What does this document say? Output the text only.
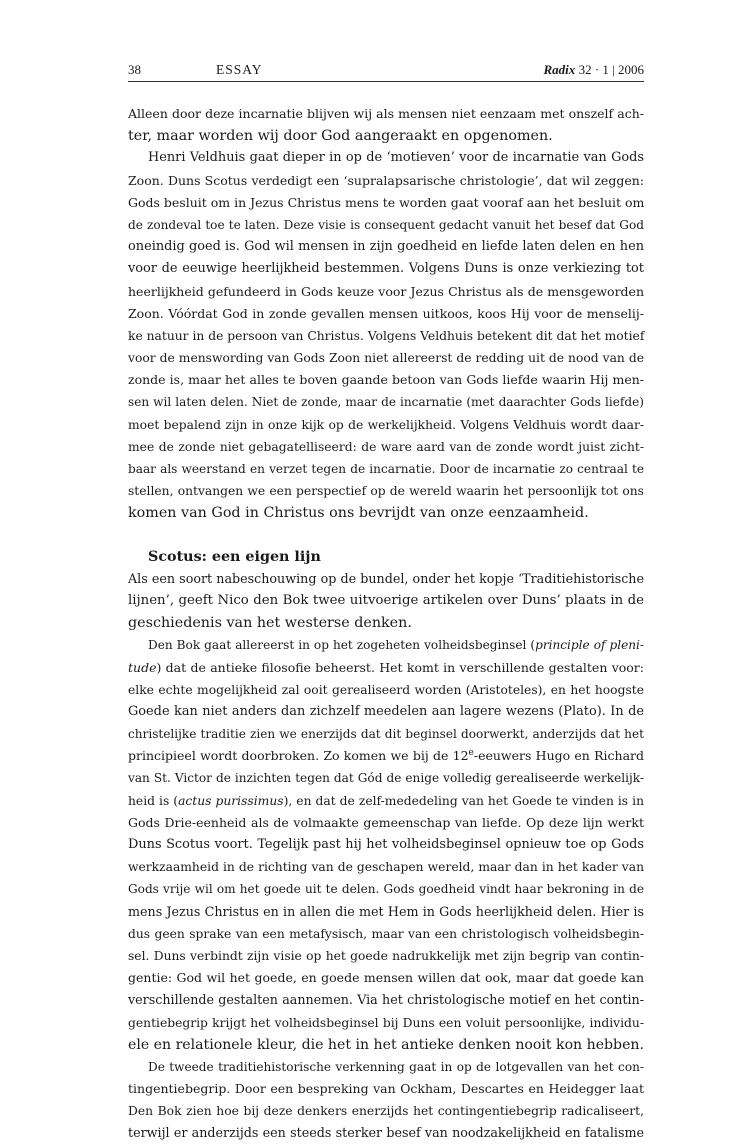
38	ESSAY	Radix 32 · 1 | 2006
Alleen door deze incarnatie blijven wij als mensen niet eenzaam met onszelf ach-
ter, maar worden wij door God aangeraakt en opgenomen.
Henri Veldhuis gaat dieper in op de ‘motieven’ voor de incarnatie van Gods
Zoon. Duns Scotus verdedigt een ‘supralapsarische christologie’, dat wil zeggen:
Gods besluit om in Jezus Christus mens te worden gaat vooraf aan het besluit om
de zondeval toe te laten. Deze visie is consequent gedacht vanuit het besef dat God
oneindig goed is. God wil mensen in zijn goedheid en liefde laten delen en hen
voor de eeuwige heerlijkheid bestemmen. Volgens Duns is onze verkiezing tot
heerlijkheid gefundeerd in Gods keuze voor Jezus Christus als de mensgeworden
Zoon. Vóórdat God in zonde gevallen mensen uitkoos, koos Hij voor de menselij-
ke natuur in de persoon van Christus. Volgens Veldhuis betekent dit dat het motief
voor de menswording van Gods Zoon niet allereerst de redding uit de nood van de
zonde is, maar het alles te boven gaande betoon van Gods liefde waarin Hij men-
sen wil laten delen. Niet de zonde, maar de incarnatie (met daarachter Gods liefde)
moet bepalend zijn in onze kijk op de werkelijkheid. Volgens Veldhuis wordt daar-
mee de zonde niet gebagatelliseerd: de ware aard van de zonde wordt juist zicht-
baar als weerstand en verzet tegen de incarnatie. Door de incarnatie zo centraal te
stellen, ontvangen we een perspectief op de wereld waarin het persoonlijk tot ons
komen van God in Christus ons bevrijdt van onze eenzaamheid.
Scotus: een eigen lijn
Als een soort nabeschouwing op de bundel, onder het kopje ‘Traditiehistorische
lijnen’, geeft Nico den Bok twee uitvoerige artikelen over Duns’ plaats in de
geschiedenis van het westerse denken.
Den Bok gaat allereerst in op het zogeheten volheidsbeginsel (principle of pleni-
tude) dat de antieke filosofie beheerst. Het komt in verschillende gestalten voor:
elke echte mogelijkheid zal ooit gerealiseerd worden (Aristoteles), en het hoogste
Goede kan niet anders dan zichzelf meedelen aan lagere wezens (Plato). In de
christelijke traditie zien we enerzijds dat dit beginsel doorwerkt, anderzijds dat het
principieel wordt doorbroken. Zo komen we bij de 12e-eeuwers Hugo en Richard
van St. Victor de inzichten tegen dat Gód de enige volledig gerealiseerde werkelijk-
heid is (actus purissimus), en dat de zelf-mededeling van het Goede te vinden is in
Gods Drie-eenheid als de volmaakte gemeenschap van liefde. Op deze lijn werkt
Duns Scotus voort. Tegelijk past hij het volheidsbeginsel opnieuw toe op Gods
werkzaamheid in de richting van de geschapen wereld, maar dan in het kader van
Gods vrije wil om het goede uit te delen. Gods goedheid vindt haar bekroning in de
mens Jezus Christus en in allen die met Hem in Gods heerlijkheid delen. Hier is
dus geen sprake van een metafysisch, maar van een christologisch volheidsbegin-
sel. Duns verbindt zijn visie op het goede nadrukkelijk met zijn begrip van contin-
gentie: God wil het goede, en goede mensen willen dat ook, maar dat goede kan
verschillende gestalten aannemen. Via het christologische motief en het contin-
gentiebegrip krijgt het volheidsbeginsel bij Duns een voluit persoonlijke, individu-
ele en relationele kleur, die het in het antieke denken nooit kon hebben.
De tweede traditiehistorische verkenning gaat in op de lotgevallen van het con-
tingentiebegrip. Door een bespreking van Ockham, Descartes en Heidegger laat
Den Bok zien hoe bij deze denkers enerzijds het contingentiebegrip radicaliseert,
terwijl er anderzijds een steeds sterker besef van noodzakelijkheid en fatalisme
